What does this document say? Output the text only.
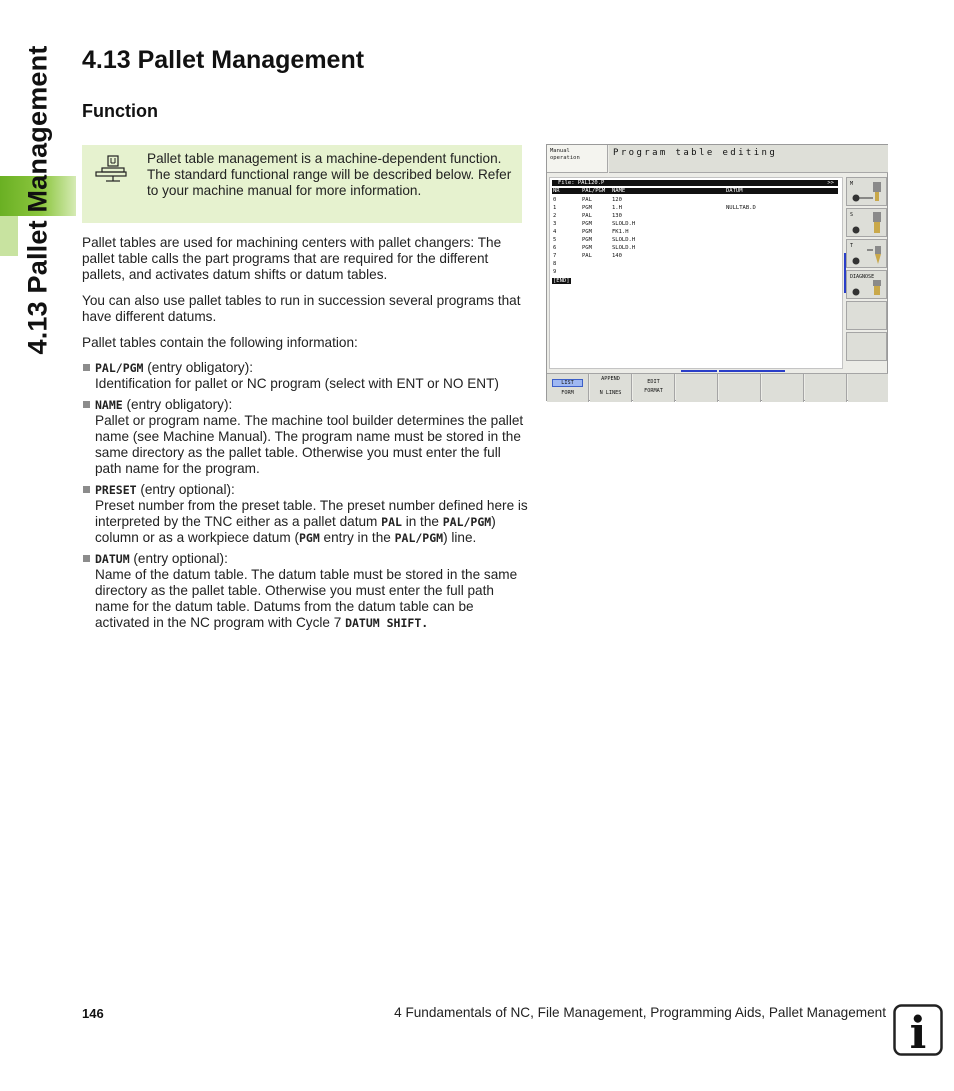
4.13 Pallet Management 4.13 Pallet Management
Function
Pallet table management is a machine-dependent function. The standard functional range will be described below. Refer to your machine manual for more information.
Pallet tables are used for machining centers with pallet changers: The pallet table calls the part programs that are required for the different pallets, and activates datum shifts or datum tables.
You can also use pallet tables to run in succession several programs that have different datums.
Pallet tables contain the following information:
PAL/PGM (entry obligatory):
Identification for pallet or NC program (select with ENT or NO ENT)
NAME (entry obligatory):
Pallet or program name. The machine tool builder determines the pallet name (see Machine Manual). The program name must be stored in the same directory as the pallet table. Otherwise you must enter the full path name for the program.
PRESET (entry optional):
Preset number from the preset table. The preset number defined here is interpreted by the TNC either as a pallet datum PAL in the PAL/PGM) column or as a workpiece datum (PGM entry in the PAL/PGM) line.
DATUM (entry optional):
Name of the datum table. The datum table must be stored in the same directory as the pallet table. Otherwise you must enter the full path name for the datum table. Datums from the datum table can be activated in the NC program with Cycle 7 DATUM SHIFT.
Manual
operation	Program table editing
File: PAL120.P	>>
NR	PAL/PGM NAME	DATUM
0	PAL	120
1	PGM	1.H	NULLTAB.D
2	PAL	130
3	PGM	SLOLD.H
4	PGM	FK1.H
5	PGM	SLOLD.H
6	PGM	SLOLD.H
7	PAL	140
8
9
[END]
M
S
T
DIAGNOSE
LIST
FORM
APPEND
N LINES
EDIT
FORMAT
146	4 Fundamentals of NC, File Management, Programming Aids, Pallet Management i
